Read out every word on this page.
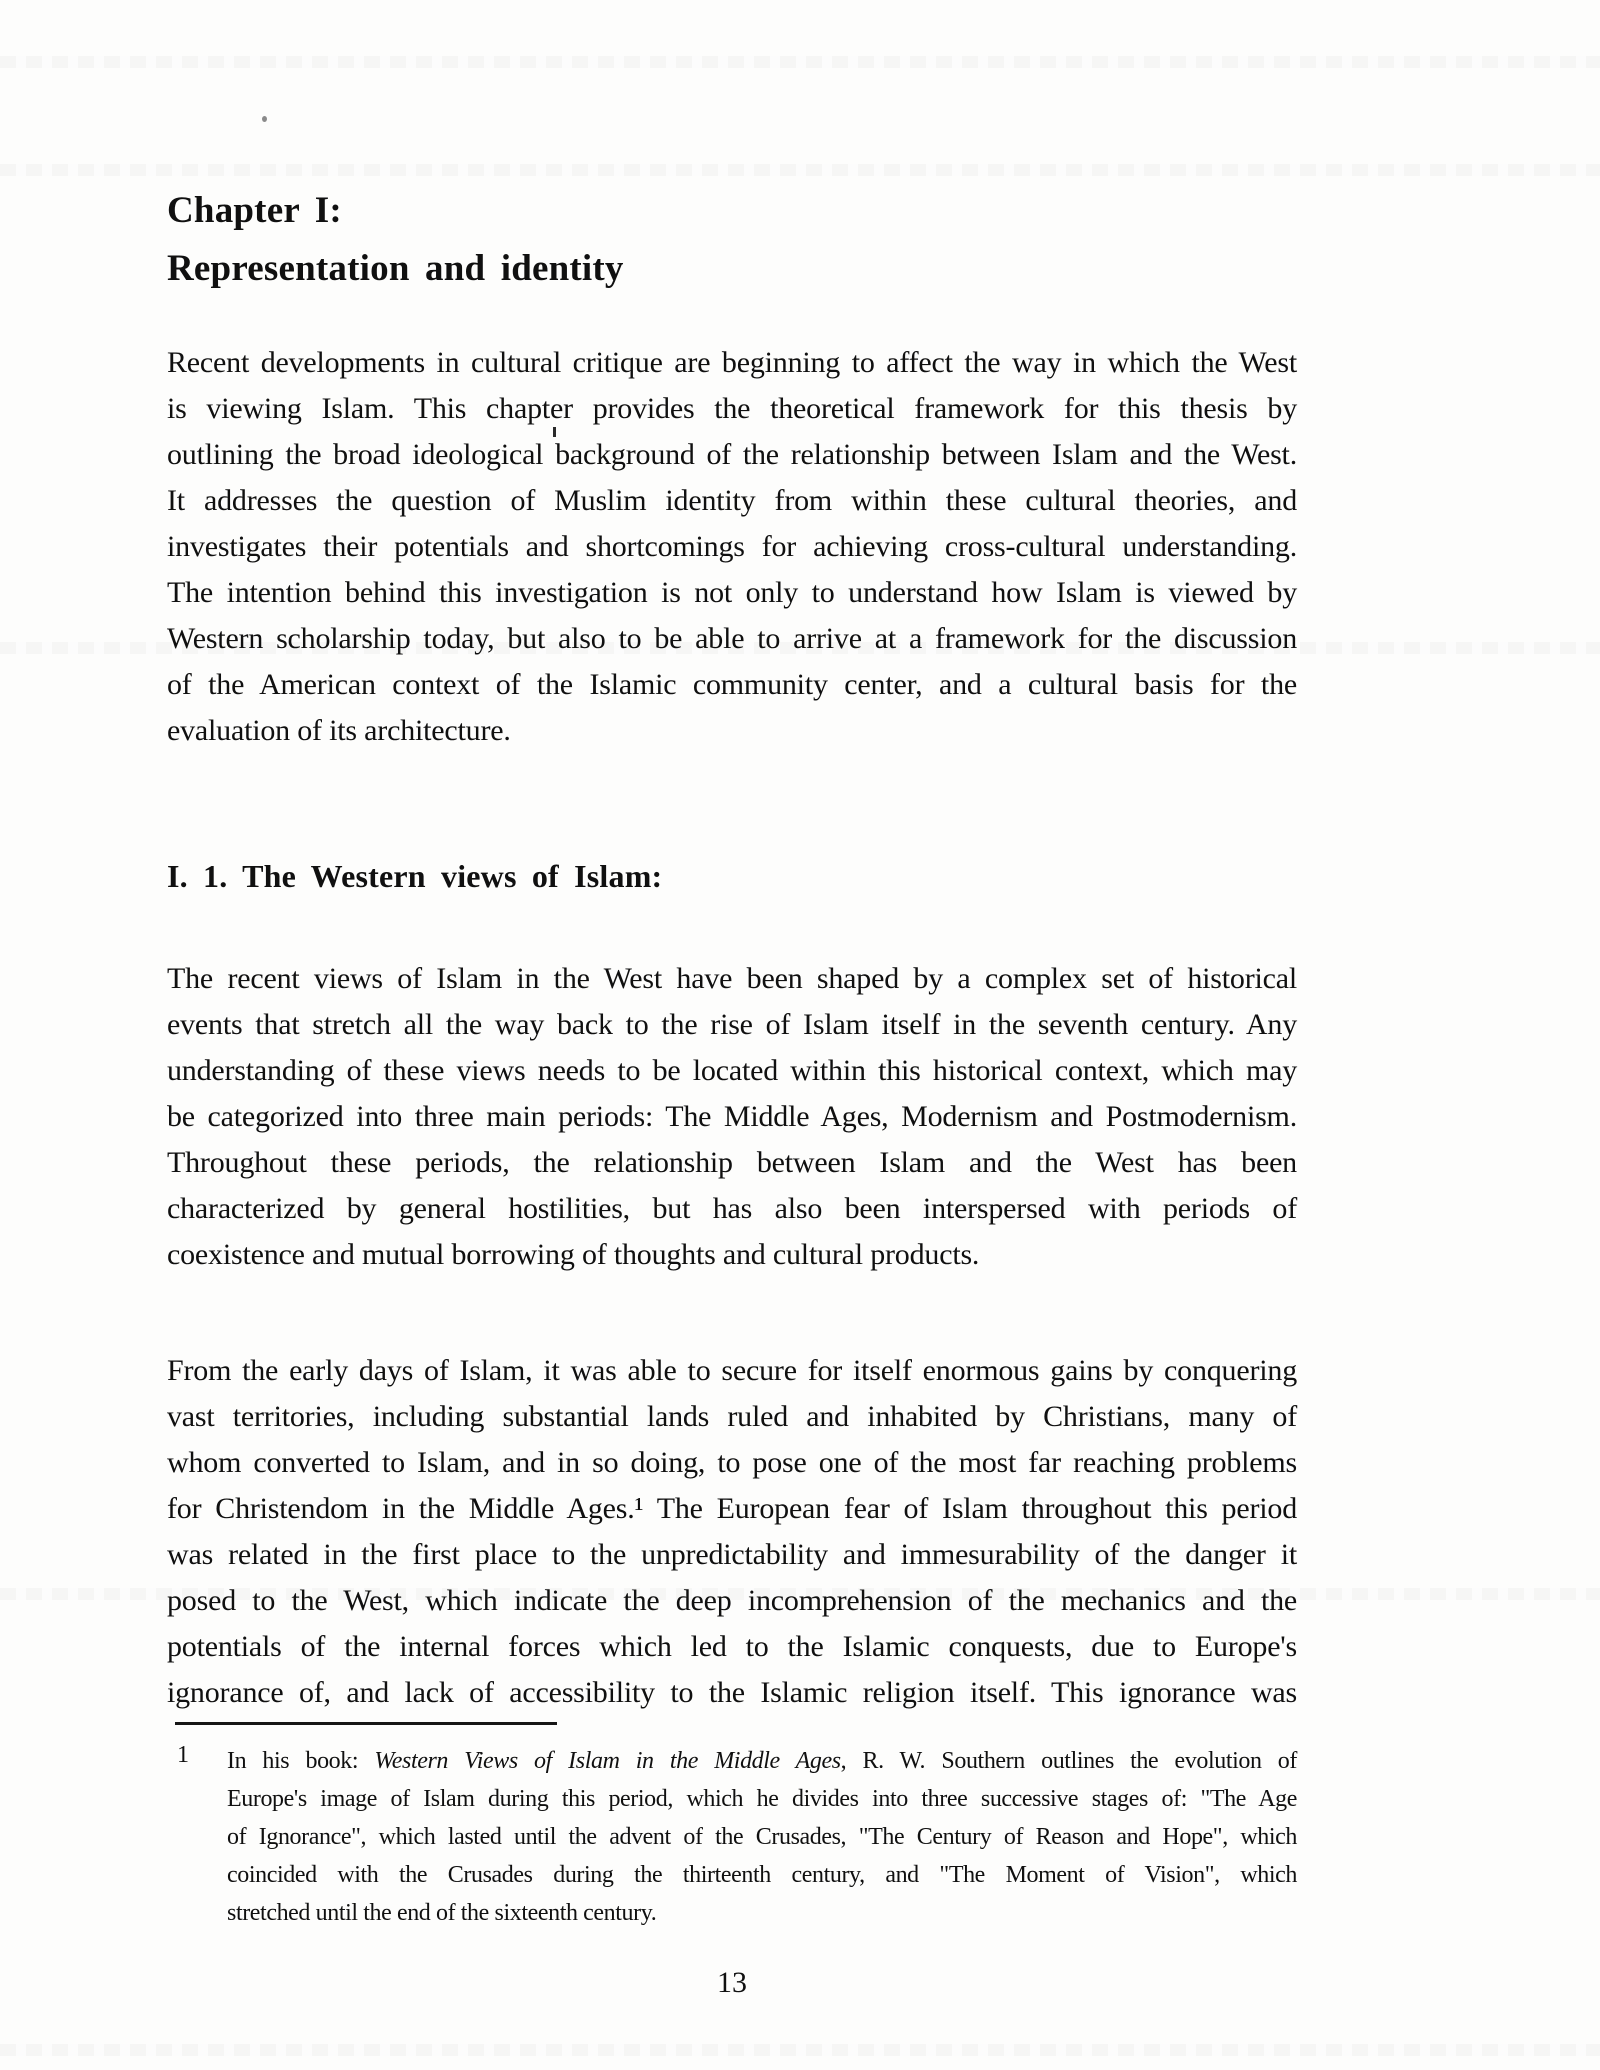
Chapter I:
Representation and identity
Recent developments in cultural critique are beginning to affect the way in which the West
is viewing Islam. This chapter provides the theoretical framework for this thesis by
outlining the broad ideological background of the relationship between Islam and the West.
It addresses the question of Muslim identity from within these cultural theories, and
investigates their potentials and shortcomings for achieving cross-cultural understanding.
The intention behind this investigation is not only to understand how Islam is viewed by
Western scholarship today, but also to be able to arrive at a framework for the discussion
of the American context of the Islamic community center, and a cultural basis for the
evaluation of its architecture.
I. 1. The Western views of Islam:
The recent views of Islam in the West have been shaped by a complex set of historical
events that stretch all the way back to the rise of Islam itself in the seventh century. Any
understanding of these views needs to be located within this historical context, which may
be categorized into three main periods: The Middle Ages, Modernism and Postmodernism.
Throughout these periods, the relationship between Islam and the West has been
characterized by general hostilities, but has also been interspersed with periods of
coexistence and mutual borrowing of thoughts and cultural products.
From the early days of Islam, it was able to secure for itself enormous gains by conquering
vast territories, including substantial lands ruled and inhabited by Christians, many of
whom converted to Islam, and in so doing, to pose one of the most far reaching problems
for Christendom in the Middle Ages.¹ The European fear of Islam throughout this period
was related in the first place to the unpredictability and immesurability of the danger it
posed to the West, which indicate the deep incomprehension of the mechanics and the
potentials of the internal forces which led to the Islamic conquests, due to Europe's
ignorance of, and lack of accessibility to the Islamic religion itself. This ignorance was
1 In his book: Western Views of Islam in the Middle Ages, R. W. Southern outlines the evolution of
Europe's image of Islam during this period, which he divides into three successive stages of: "The Age
of Ignorance", which lasted until the advent of the Crusades, "The Century of Reason and Hope", which
coincided with the Crusades during the thirteenth century, and "The Moment of Vision", which
stretched until the end of the sixteenth century.
13
